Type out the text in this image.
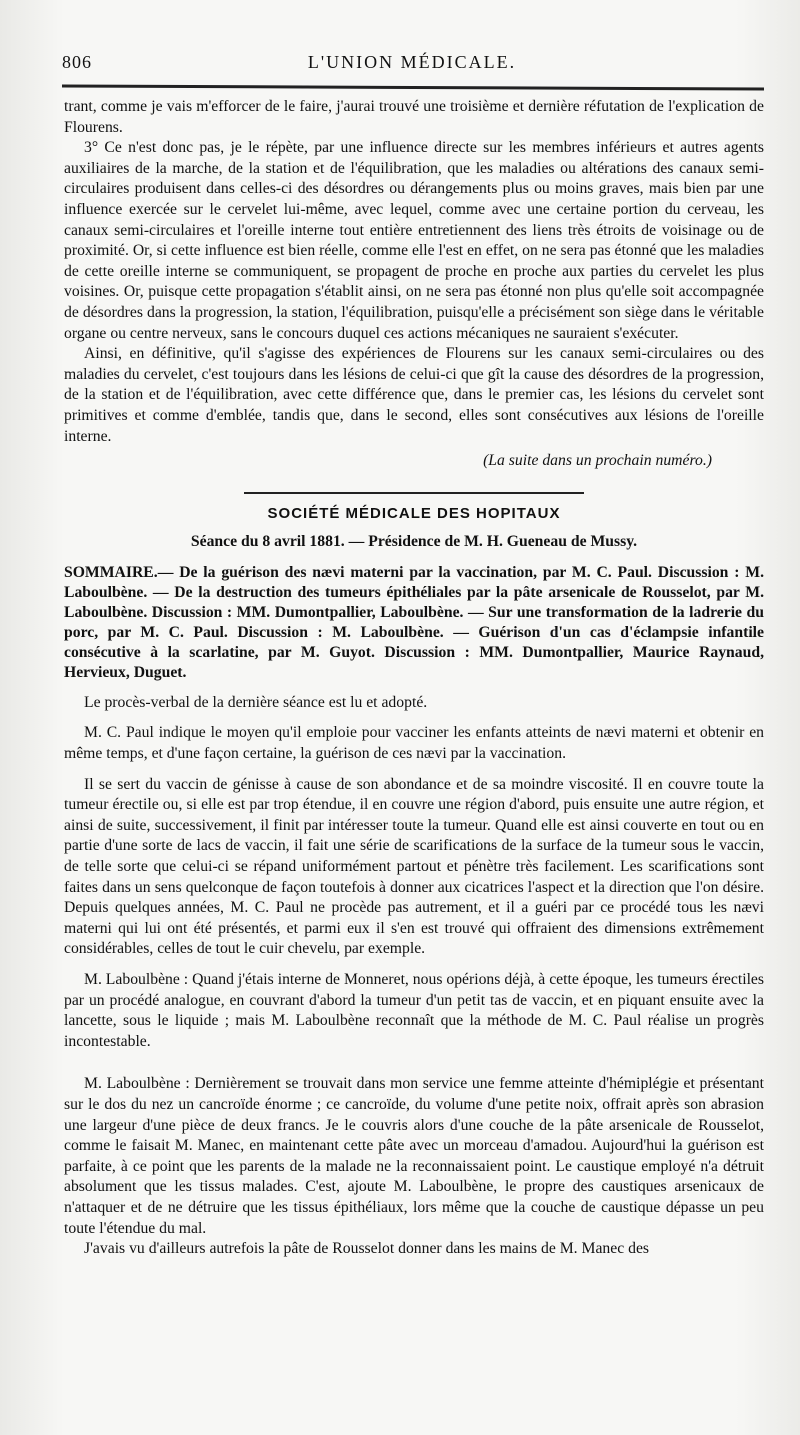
806	L'UNION MÉDICALE.

trant, comme je vais m'efforcer de le faire, j'aurai trouvé une troisième et dernière réfutation de l'explication de Flourens.

3° Ce n'est donc pas, je le répète, par une influence directe sur les membres inférieurs et autres agents auxiliaires de la marche, de la station et de l'équilibration, que les maladies ou altérations des canaux semi-circulaires produisent dans celles-ci des désordres ou dérangements plus ou moins graves, mais bien par une influence exercée sur le cervelet lui-même, avec lequel, comme avec une certaine portion du cerveau, les canaux semi-circulaires et l'oreille interne tout entière entretiennent des liens très étroits de voisinage ou de proximité. Or, si cette influence est bien réelle, comme elle l'est en effet, on ne sera pas étonné que les maladies de cette oreille interne se communiquent, se propagent de proche en proche aux parties du cervelet les plus voisines. Or, puisque cette propagation s'établit ainsi, on ne sera pas étonné non plus qu'elle soit accompagnée de désordres dans la progression, la station, l'équilibration, puisqu'elle a précisément son siège dans le véritable organe ou centre nerveux, sans le concours duquel ces actions mécaniques ne sauraient s'exécuter.

Ainsi, en définitive, qu'il s'agisse des expériences de Flourens sur les canaux semi-circulaires ou des maladies du cervelet, c'est toujours dans les lésions de celui-ci que gît la cause des désordres de la progression, de la station et de l'équilibration, avec cette différence que, dans le premier cas, les lésions du cervelet sont primitives et comme d'emblée, tandis que, dans le second, elles sont consécutives aux lésions de l'oreille interne.

(La suite dans un prochain numéro.)

SOCIÉTÉ MÉDICALE DES HOPITAUX

Séance du 8 avril 1881. — Présidence de M. H. Gueneau de Mussy.

SOMMAIRE.— De la guérison des nævi materni par la vaccination, par M. C. Paul. Discussion : M. Laboulbène. — De la destruction des tumeurs épithéliales par la pâte arsenicale de Rousselot, par M. Laboulbène. Discussion : MM. Dumontpallier, Laboulbène. — Sur une transformation de la ladrerie du porc, par M. C. Paul. Discussion : M. Laboulbène. — Guérison d'un cas d'éclampsie infantile consécutive à la scarlatine, par M. Guyot. Discussion : MM. Dumontpallier, Maurice Raynaud, Hervieux, Duguet.

Le procès-verbal de la dernière séance est lu et adopté.

M. C. Paul indique le moyen qu'il emploie pour vacciner les enfants atteints de nævi materni et obtenir en même temps, et d'une façon certaine, la guérison de ces nævi par la vaccination.

Il se sert du vaccin de génisse à cause de son abondance et de sa moindre viscosité. Il en couvre toute la tumeur érectile ou, si elle est par trop étendue, il en couvre une région d'abord, puis ensuite une autre région, et ainsi de suite, successivement, il finit par intéresser toute la tumeur. Quand elle est ainsi couverte en tout ou en partie d'une sorte de lacs de vaccin, il fait une série de scarifications de la surface de la tumeur sous le vaccin, de telle sorte que celui-ci se répand uniformément partout et pénètre très facilement. Les scarifications sont faites dans un sens quelconque de façon toutefois à donner aux cicatrices l'aspect et la direction que l'on désire. Depuis quelques années, M. C. Paul ne procède pas autrement, et il a guéri par ce procédé tous les nævi materni qui lui ont été présentés, et parmi eux il s'en est trouvé qui offraient des dimensions extrêmement considérables, celles de tout le cuir chevelu, par exemple.

M. Laboulbène : Quand j'étais interne de Monneret, nous opérions déjà, à cette époque, les tumeurs érectiles par un procédé analogue, en couvrant d'abord la tumeur d'un petit tas de vaccin, et en piquant ensuite avec la lancette, sous le liquide ; mais M. Laboulbène reconnaît que la méthode de M. C. Paul réalise un progrès incontestable.

M. Laboulbène : Dernièrement se trouvait dans mon service une femme atteinte d'hémiplégie et présentant sur le dos du nez un cancroïde énorme ; ce cancroïde, du volume d'une petite noix, offrait après son abrasion une largeur d'une pièce de deux francs. Je le couvris alors d'une couche de la pâte arsenicale de Rousselot, comme le faisait M. Manec, en maintenant cette pâte avec un morceau d'amadou. Aujourd'hui la guérison est parfaite, à ce point que les parents de la malade ne la reconnaissaient point. Le caustique employé n'a détruit absolument que les tissus malades. C'est, ajoute M. Laboulbène, le propre des caustiques arsenicaux de n'attaquer et de ne détruire que les tissus épithéliaux, lors même que la couche de caustique dépasse un peu toute l'étendue du mal.

J'avais vu d'ailleurs autrefois la pâte de Rousselot donner dans les mains de M. Manec des
